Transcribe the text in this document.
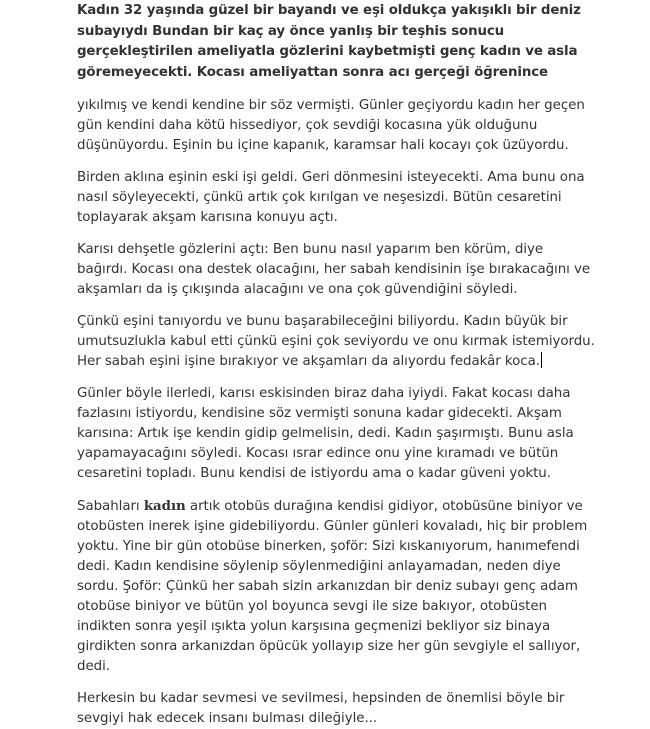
Kadın 32 yaşında güzel bir bayandı ve eşi oldukça yakışıklı bir deniz subayıydı Bundan bir kaç ay önce yanlış bir teşhis sonucu gerçekleştirilen ameliyatla gözlerini kaybetmişti genç kadın ve asla göremeyecekti. Kocası ameliyattan sonra acı gerçeği öğrenince

yıkılmış ve kendi kendine bir söz vermişti. Günler geçiyordu kadın her geçen gün kendini daha kötü hissediyor, çok sevdiği kocasına yük olduğunu düşünüyordu. Eşinin bu içine kapanık, karamsar hali kocayı çok üzüyordu.

Birden aklına eşinin eski işi geldi. Geri dönmesini isteyecekti. Ama bunu ona nasıl söyleyecekti, çünkü artık çok kırılgan ve neşesizdi. Bütün cesaretini toplayarak akşam karısına konuyu açtı.

Karısı dehşetle gözlerini açtı: Ben bunu nasıl yaparım ben körüm, diye bağırdı. Kocası ona destek olacağını, her sabah kendisinin işe bırakacağını ve akşamları da iş çıkışında alacağını ve ona çok güvendiğini söyledi.

Çünkü eşini tanıyordu ve bunu başarabileceğini biliyordu. Kadın büyük bir umutsuzlukla kabul etti çünkü eşini çok seviyordu ve onu kırmak istemiyordu. Her sabah eşini işine bırakıyor ve akşamları da alıyordu fedakâr koca.

Günler böyle ilerledi, karısı eskisinden biraz daha iyiydi. Fakat kocası daha fazlasını istiyordu, kendisine söz vermişti sonuna kadar gidecekti. Akşam karısına: Artık işe kendin gidip gelmelisin, dedi. Kadın şaşırmıştı. Bunu asla yapamayacağını söyledi. Kocası ısrar edince onu yine kıramadı ve bütün cesaretini topladı. Bunu kendisi de istiyordu ama o kadar güveni yoktu.

Sabahları kadın artık otobüs durağına kendisi gidiyor, otobüsüne biniyor ve otobüsten inerek işine gidebiliyordu. Günler günleri kovaladı, hiç bir problem yoktu. Yine bir gün otobüse binerken, şoför: Sizi kıskanıyorum, hanımefendi dedi. Kadın kendisine söylenip söylenmediğini anlayamadan, neden diye sordu. Şoför: Çünkü her sabah sizin arkanızdan bir deniz subayı genç adam otobüse biniyor ve bütün yol boyunca sevgi ile size bakıyor, otobüsten indikten sonra yeşil ışıkta yolun karşısına geçmenizi bekliyor siz binaya girdikten sonra arkanızdan öpücük yollayıp size her gün sevgiyle el sallıyor, dedi.

Herkesin bu kadar sevmesi ve sevilmesi, hepsinden de önemlisi böyle bir sevgiyi hak edecek insanı bulması dileğiyle...
